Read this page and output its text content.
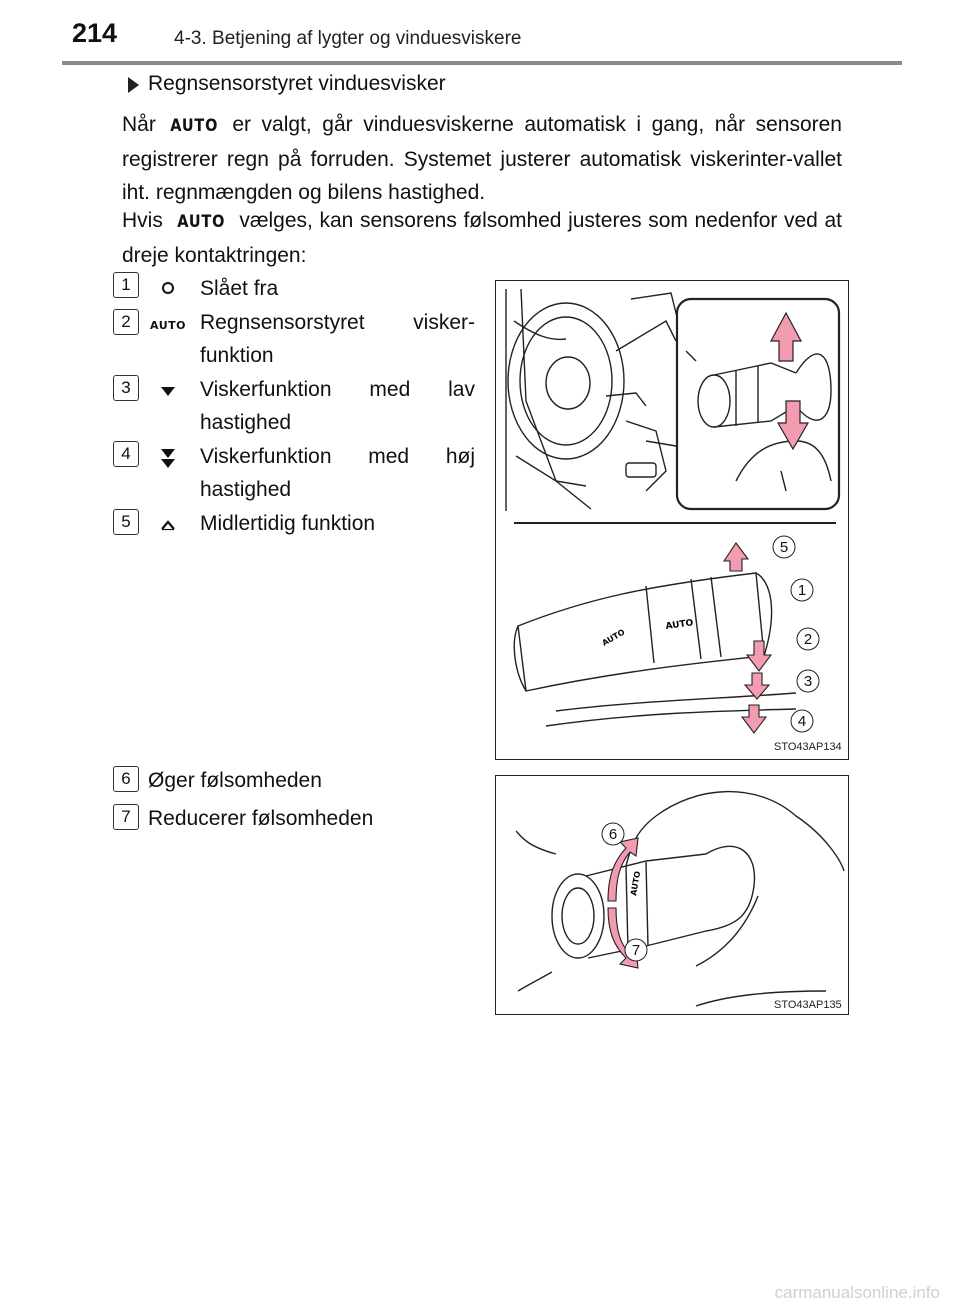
214	4-3. Betjening af lygter og vinduesviskere
Regnsensorstyret vinduesvisker
Når AUTO er valgt, går vinduesviskerne automatisk i gang, når sensoren registrerer regn på forruden. Systemet justerer automatisk viskerinter-vallet iht. regnmængden og bilens hastighed.
Hvis AUTO vælges, kan sensorens følsomhed justeres som nedenfor ved at dreje kontaktringen:
1	Slået fra
2	AUTO Regnsensorstyret visker-funktion
3	Viskerfunktion med lav hastighed
4	Viskerfunktion med høj hastighed
5	Midlertidig funktion
6 Øger følsomheden
7 Reducerer følsomheden
AUTO
AUTO
5
1
2
3
4
STO43AP134
AUTO
6
7
STO43AP135
carmanualsonline.info
